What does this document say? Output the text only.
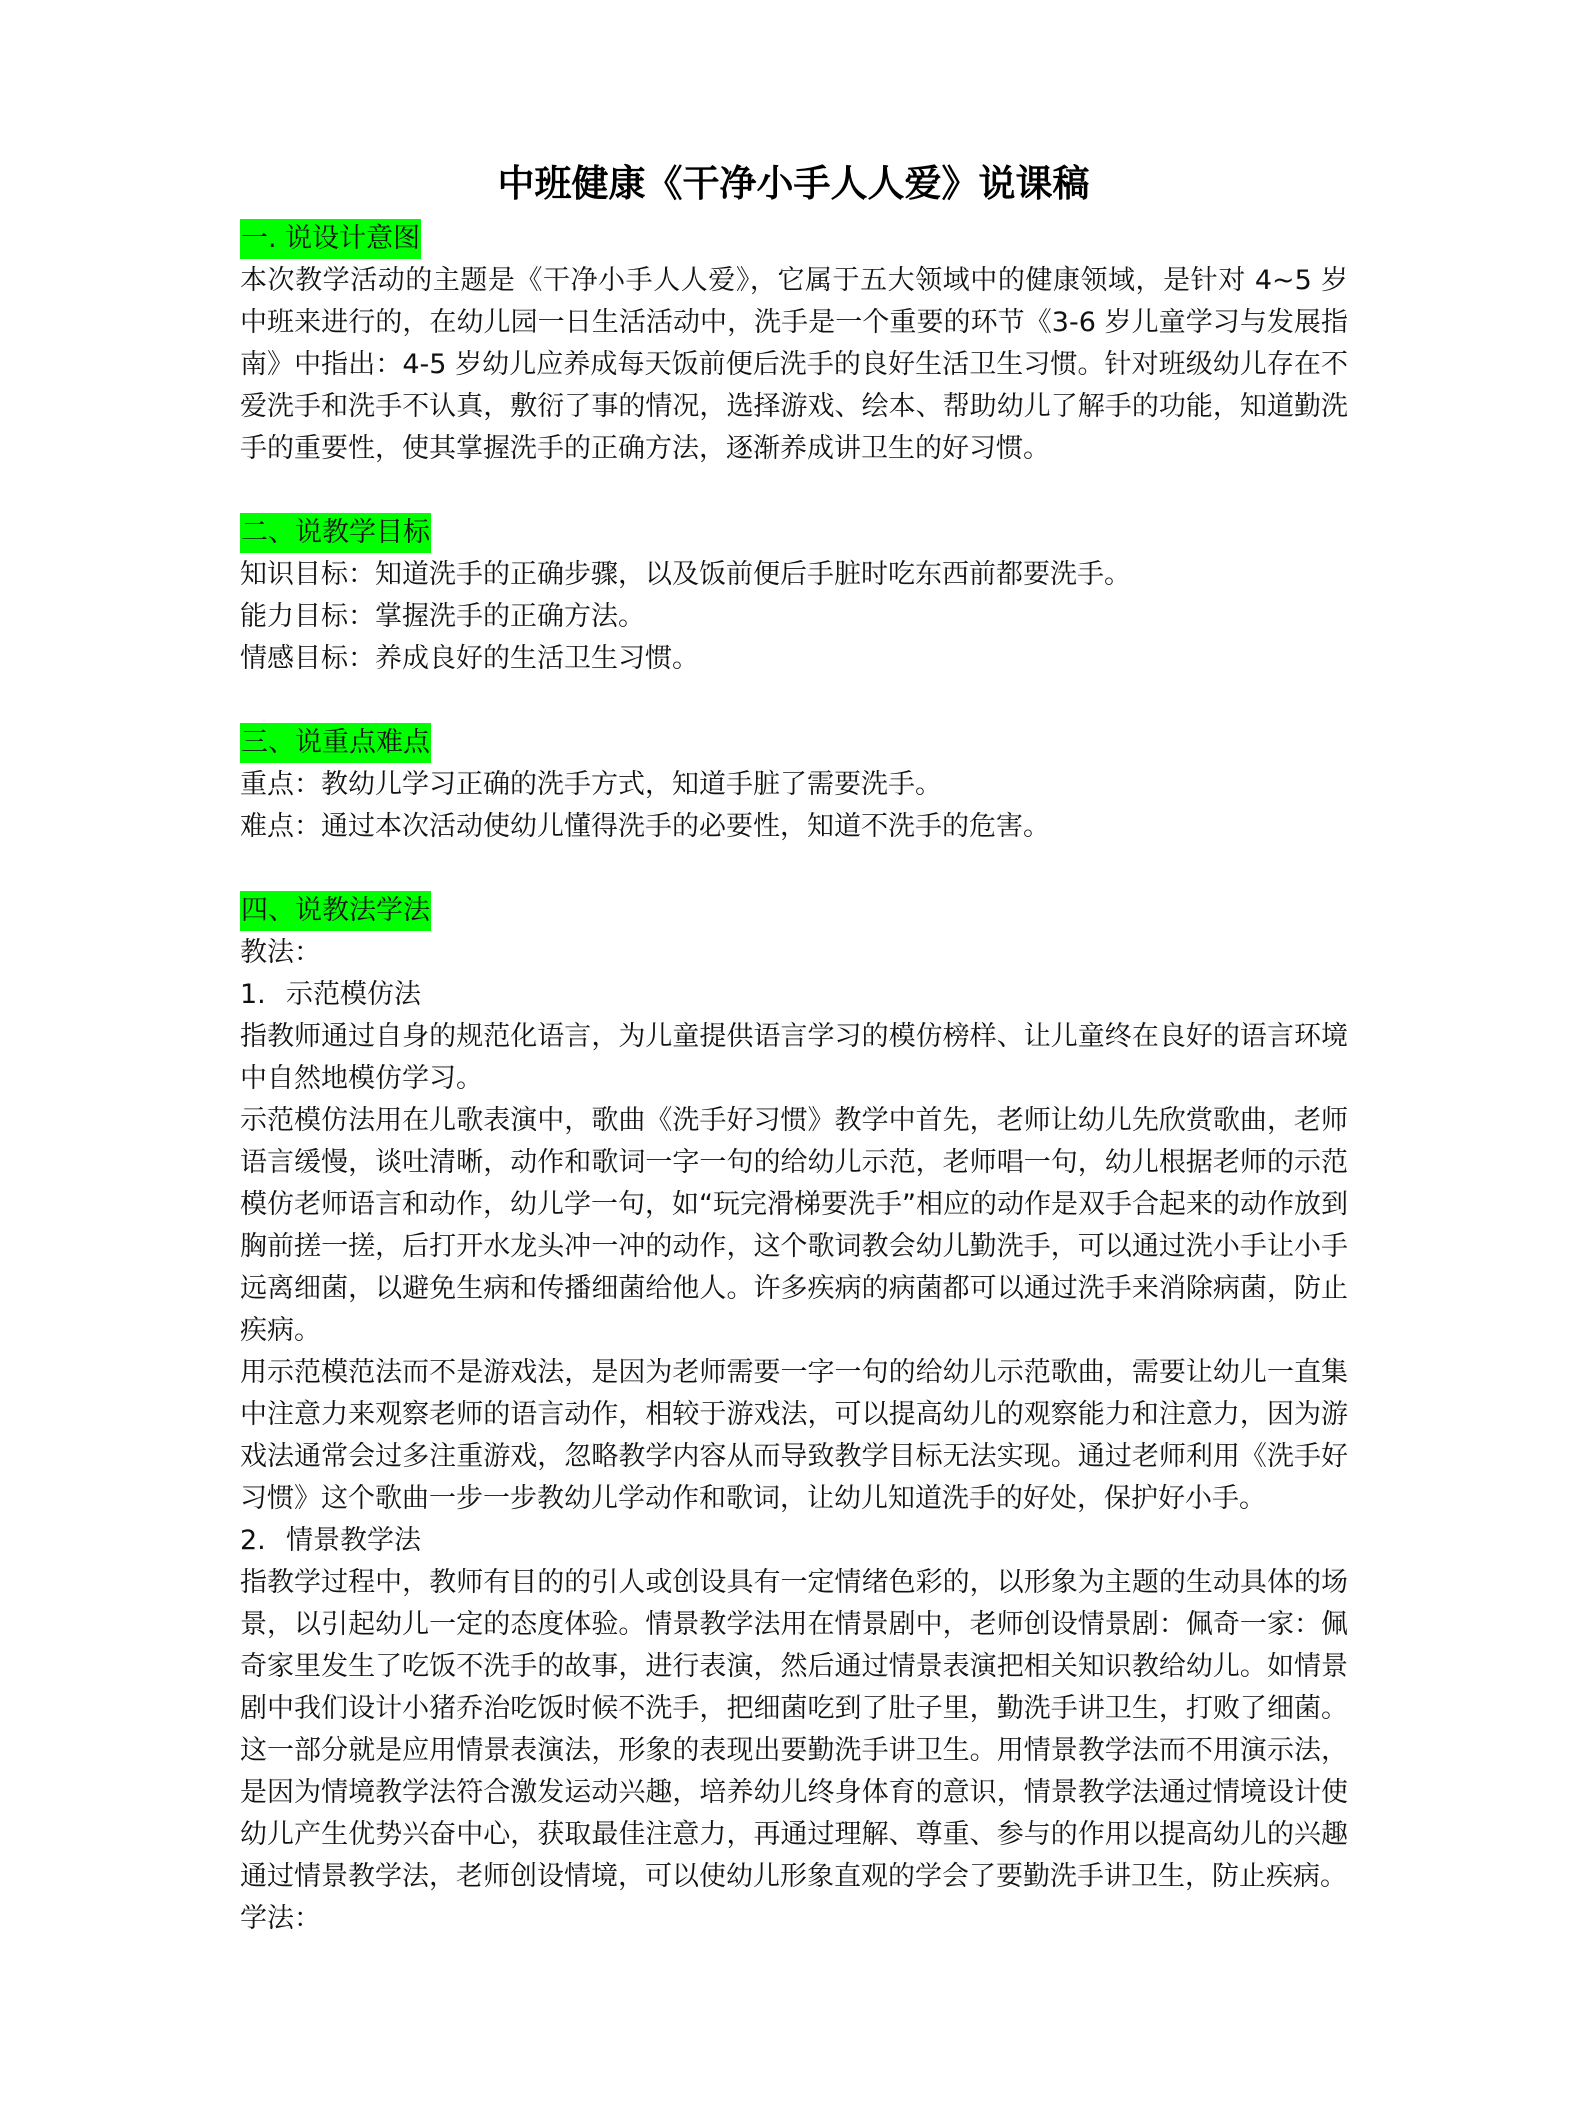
中班健康《干净小手人人爱》说课稿
一. 说设计意图

本次教学活动的主题是《干净小手人人爱》，它属于五大领域中的健康领域，是针对 4~5 岁中班来进行的，在幼儿园一日生活活动中，洗手是一个重要的环节《3-6 岁儿童学习与发展指南》中指出：4-5 岁幼儿应养成每天饭前便后洗手的良好生活卫生习惯。针对班级幼儿存在不爱洗手和洗手不认真，敷衍了事的情况，选择游戏、绘本、帮助幼儿了解手的功能，知道勤洗手的重要性，使其掌握洗手的正确方法，逐渐养成讲卫生的好习惯。

二、说教学目标

知识目标：知道洗手的正确步骤，以及饭前便后手脏时吃东西前都要洗手。

能力目标：掌握洗手的正确方法。

情感目标：养成良好的生活卫生习惯。

三、说重点难点

重点：教幼儿学习正确的洗手方式，知道手脏了需要洗手。

难点：通过本次活动使幼儿懂得洗手的必要性，知道不洗手的危害。

四、说教法学法

教法：

1. 示范模仿法

指教师通过自身的规范化语言，为儿童提供语言学习的模仿榜样、让儿童终在良好的语言环境中自然地模仿学习。

示范模仿法用在儿歌表演中，歌曲《洗手好习惯》教学中首先，老师让幼儿先欣赏歌曲，老师语言缓慢，谈吐清晰，动作和歌词一字一句的给幼儿示范，老师唱一句，幼儿根据老师的示范模仿老师语言和动作，幼儿学一句，如“玩完滑梯要洗手”相应的动作是双手合起来的动作放到胸前搓一搓，后打开水龙头冲一冲的动作，这个歌词教会幼儿勤洗手，可以通过洗小手让小手远离细菌，以避免生病和传播细菌给他人。许多疾病的病菌都可以通过洗手来消除病菌，防止疾病。

用示范模范法而不是游戏法，是因为老师需要一字一句的给幼儿示范歌曲，需要让幼儿一直集中注意力来观察老师的语言动作，相较于游戏法，可以提高幼儿的观察能力和注意力，因为游戏法通常会过多注重游戏，忽略教学内容从而导致教学目标无法实现。通过老师利用《洗手好习惯》这个歌曲一步一步教幼儿学动作和歌词，让幼儿知道洗手的好处，保护好小手。

2. 情景教学法

指教学过程中，教师有目的的引人或创设具有一定情绪色彩的，以形象为主题的生动具体的场景，以引起幼儿一定的态度体验。情景教学法用在情景剧中，老师创设情景剧：佩奇一家：佩奇家里发生了吃饭不洗手的故事，进行表演，然后通过情景表演把相关知识教给幼儿。如情景剧中我们设计小猪乔治吃饭时候不洗手，把细菌吃到了肚子里，勤洗手讲卫生，打败了细菌。这一部分就是应用情景表演法，形象的表现出要勤洗手讲卫生。用情景教学法而不用演示法，是因为情境教学法符合激发运动兴趣，培养幼儿终身体育的意识，情景教学法通过情境设计使幼儿产生优势兴奋中心，获取最佳注意力，再通过理解、尊重、参与的作用以提高幼儿的兴趣通过情景教学法，老师创设情境，可以使幼儿形象直观的学会了要勤洗手讲卫生，防止疾病。

学法：
